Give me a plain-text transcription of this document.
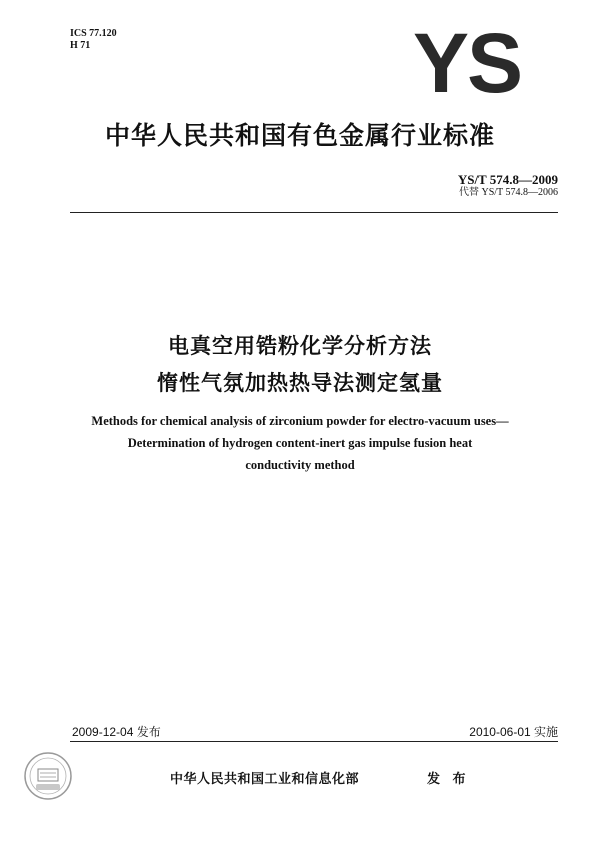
ICS 77.120
H 71	YS
中华人民共和国有色金属行业标准
YS/T 574.8—2009
代替 YS/T 574.8—2006
电真空用锆粉化学分析方法
惰性气氛加热热导法测定氢量
Methods for chemical analysis of zirconium powder for electro-vacuum uses—
Determination of hydrogen content-inert gas impulse fusion heat
conductivity method
2009-12-04 发布	2010-06-01 实施
中华人民共和国工业和信息化部	发 布
